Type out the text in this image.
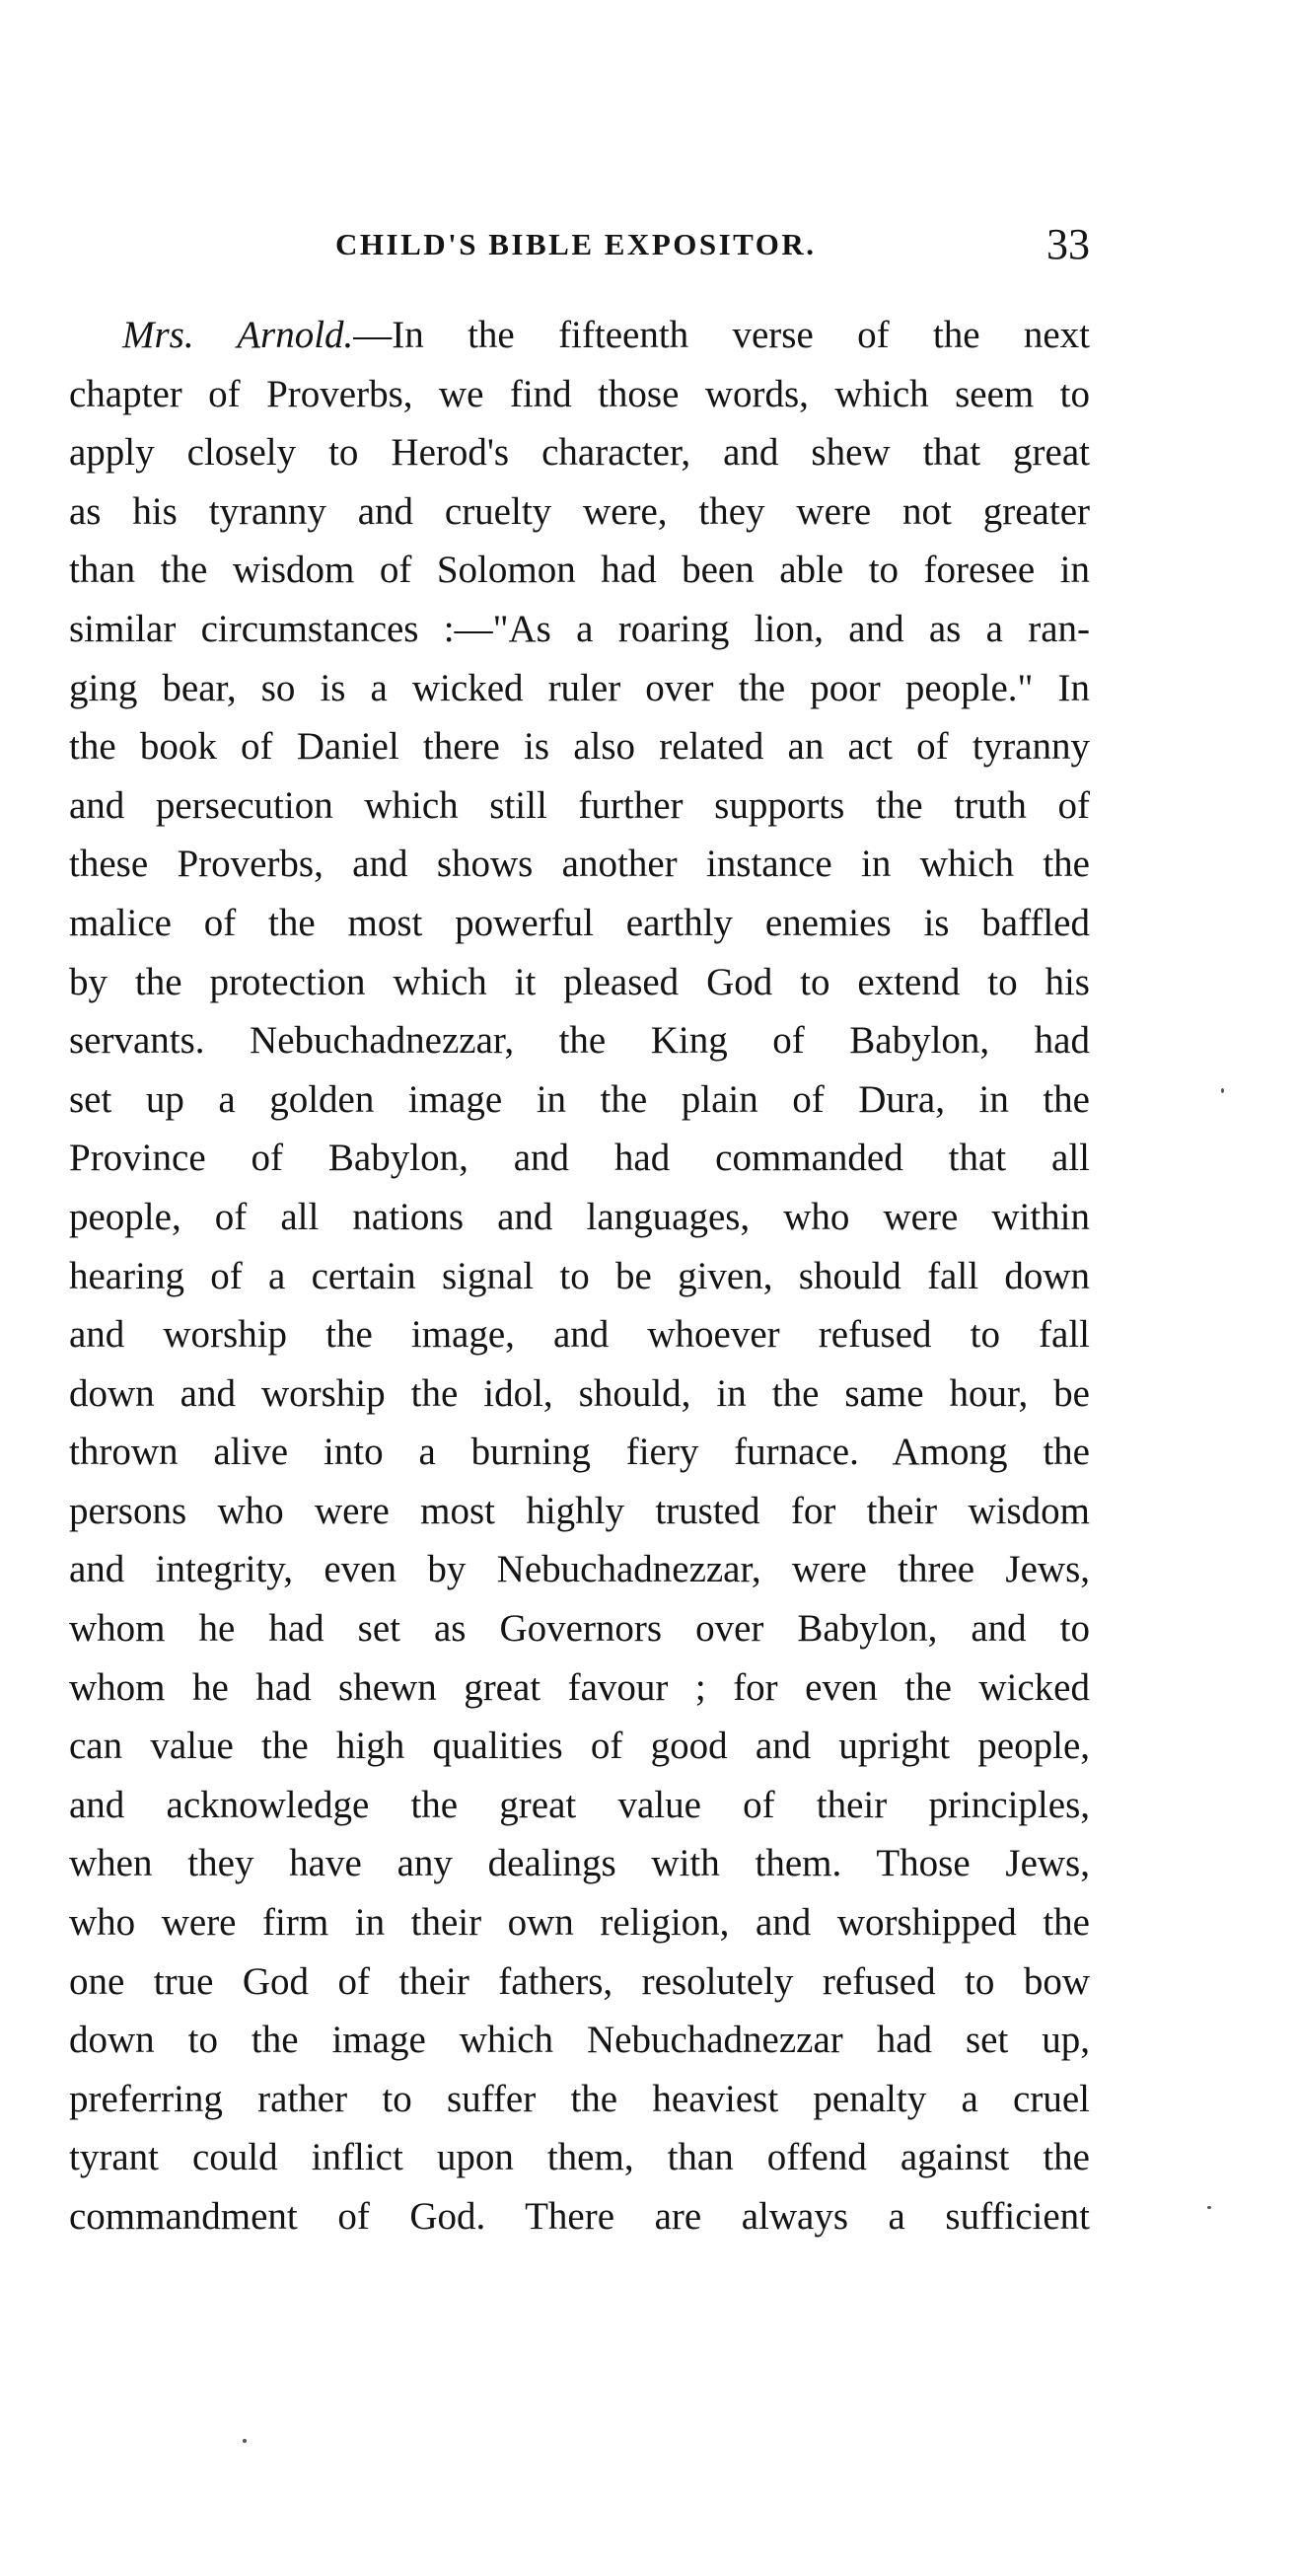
CHILD'S BIBLE EXPOSITOR.	33
Mrs. Arnold.—In the fifteenth verse of the next
chapter of Proverbs, we find those words, which seem to
apply closely to Herod's character, and shew that great
as his tyranny and cruelty were, they were not greater
than the wisdom of Solomon had been able to foresee in
similar circumstances :—"As a roaring lion, and as a ran-
ging bear, so is a wicked ruler over the poor people." In
the book of Daniel there is also related an act of tyranny
and persecution which still further supports the truth of
these Proverbs, and shows another instance in which the
malice of the most powerful earthly enemies is baffled
by the protection which it pleased God to extend to his
servants. Nebuchadnezzar, the King of Babylon, had
set up a golden image in the plain of Dura, in the
Province of Babylon, and had commanded that all
people, of all nations and languages, who were within
hearing of a certain signal to be given, should fall down
and worship the image, and whoever refused to fall
down and worship the idol, should, in the same hour, be
thrown alive into a burning fiery furnace. Among the
persons who were most highly trusted for their wisdom
and integrity, even by Nebuchadnezzar, were three Jews,
whom he had set as Governors over Babylon, and to
whom he had shewn great favour ; for even the wicked
can value the high qualities of good and upright people,
and acknowledge the great value of their principles,
when they have any dealings with them. Those Jews,
who were firm in their own religion, and worshipped the
one true God of their fathers, resolutely refused to bow
down to the image which Nebuchadnezzar had set up,
preferring rather to suffer the heaviest penalty a cruel
tyrant could inflict upon them, than offend against the
commandment of God. There are always a sufficient
